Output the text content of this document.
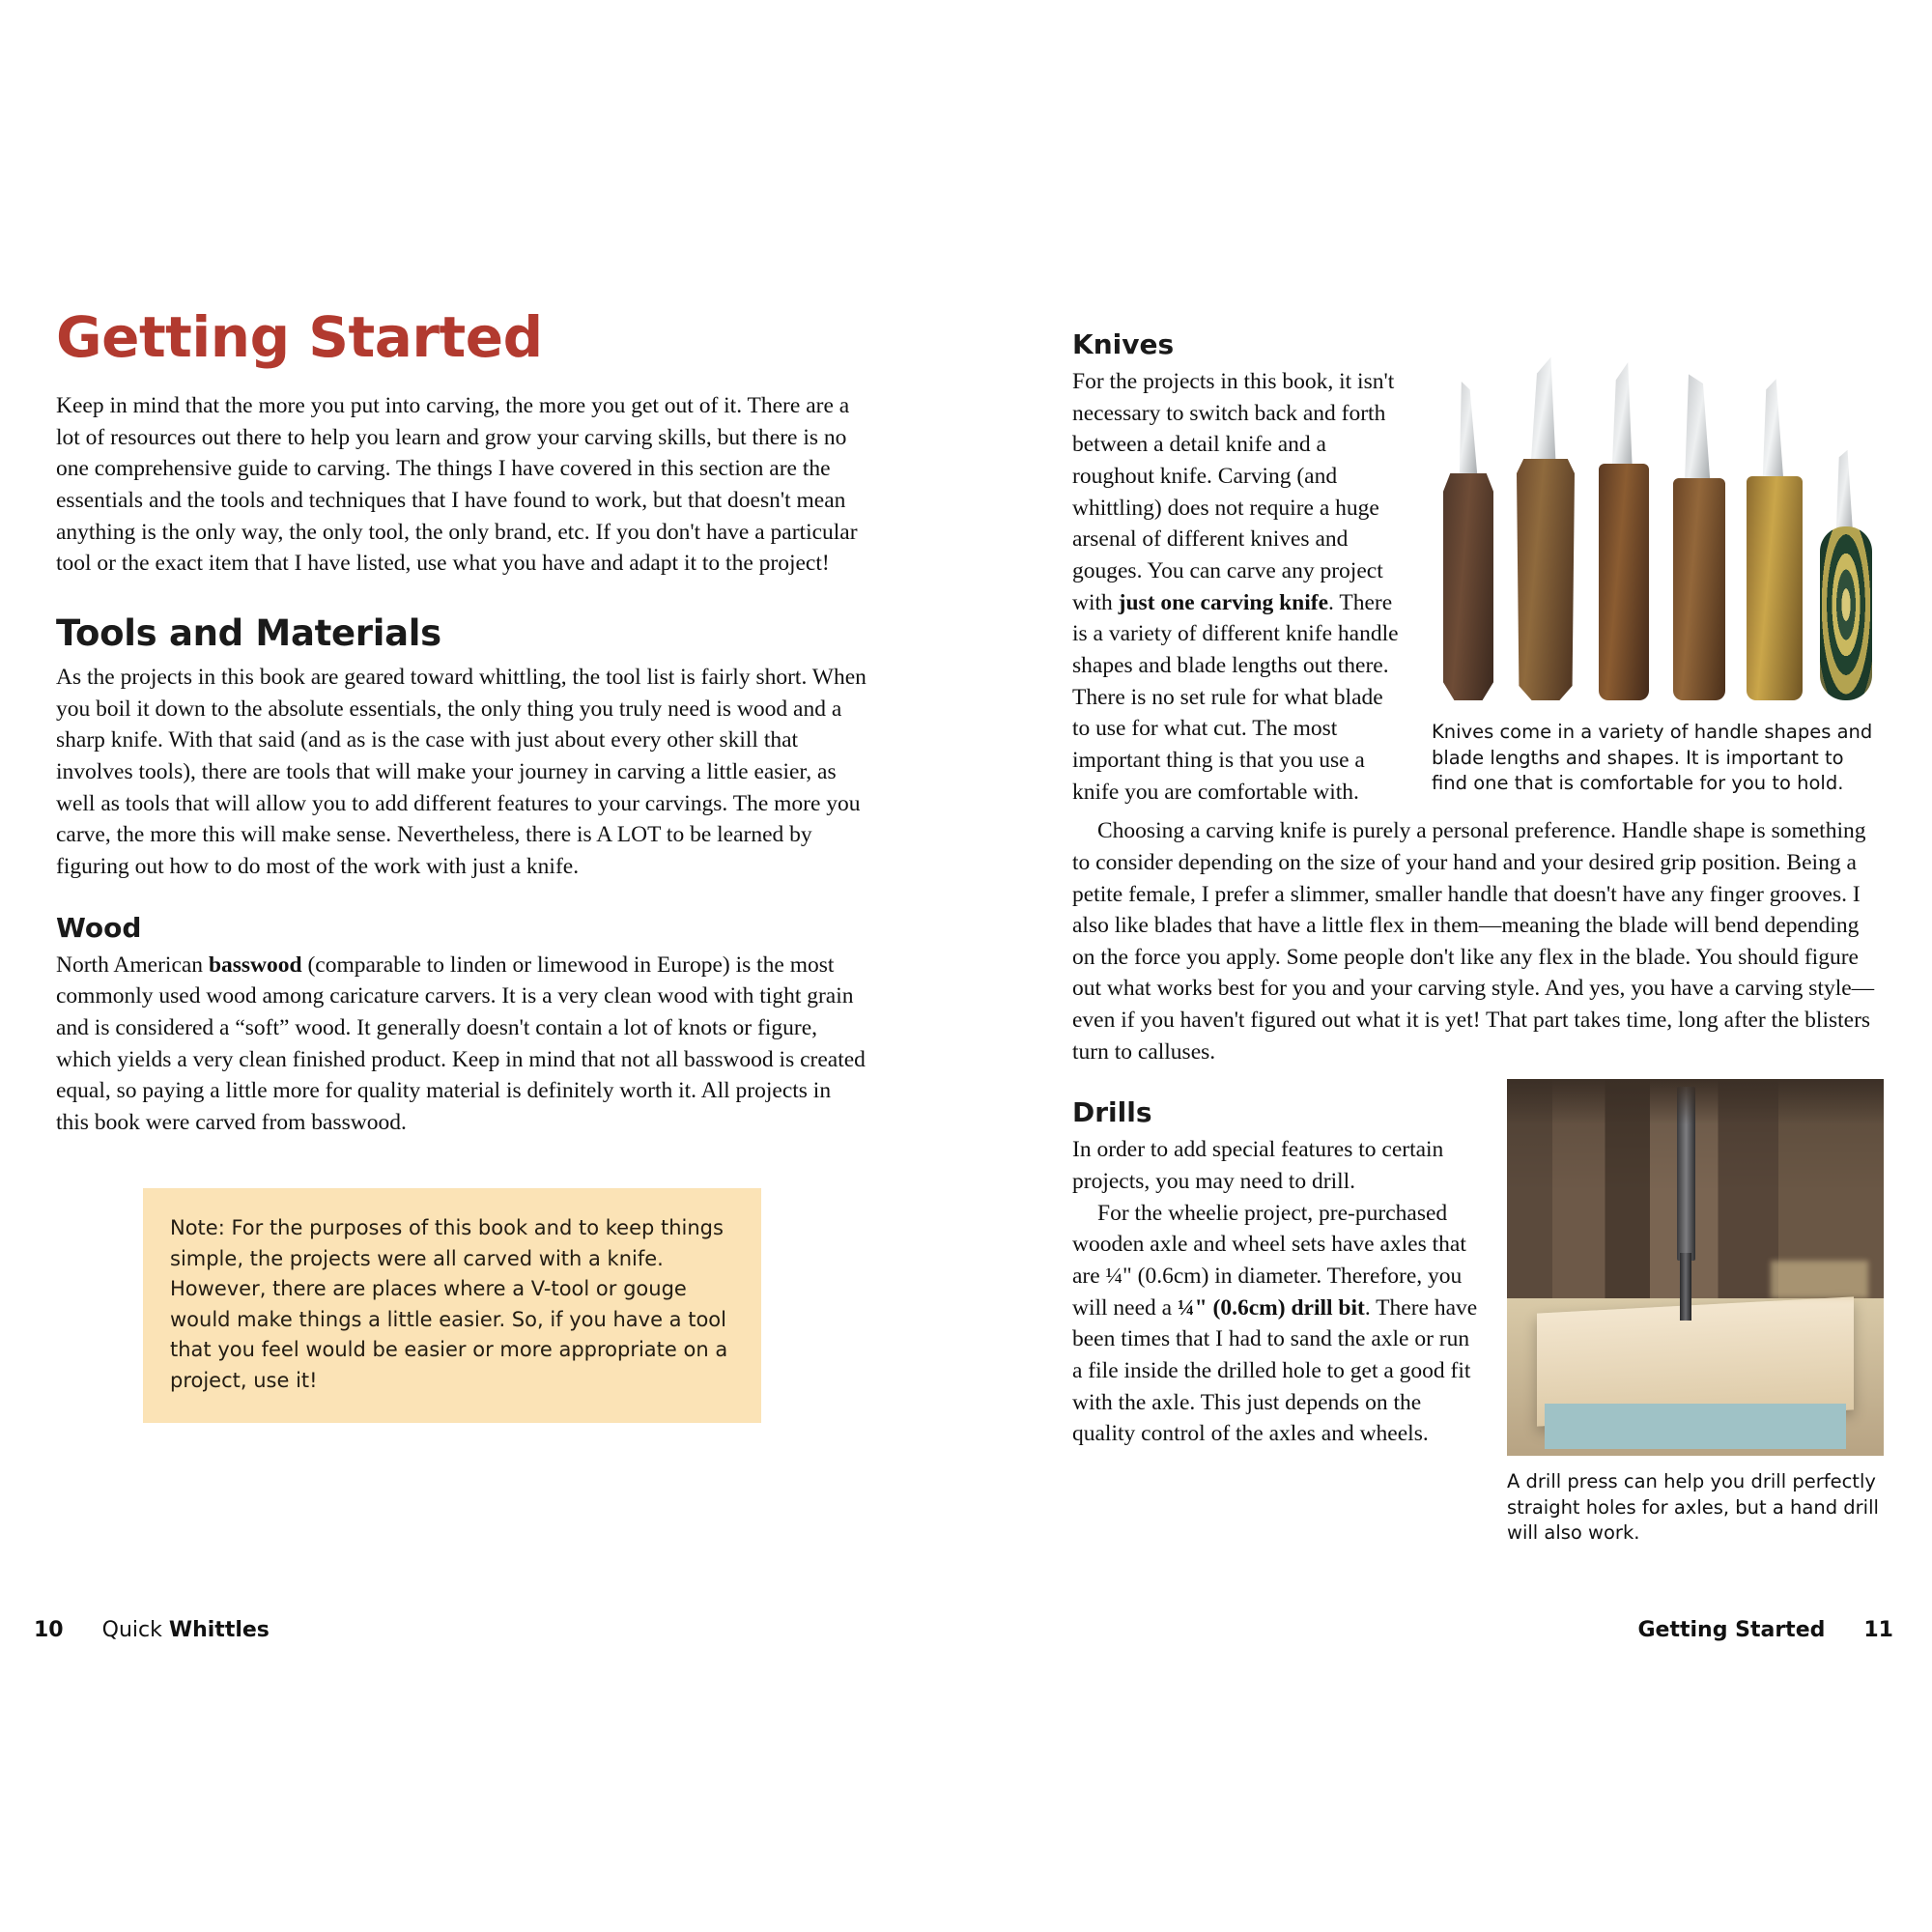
Getting Started

Keep in mind that the more you put into carving, the more you get out of it. There are a lot of resources out there to help you learn and grow your carving skills, but there is no one comprehensive guide to carving. The things I have covered in this section are the essentials and the tools and techniques that I have found to work, but that doesn't mean anything is the only way, the only tool, the only brand, etc. If you don't have a particular tool or the exact item that I have listed, use what you have and adapt it to the project!

Tools and Materials

As the projects in this book are geared toward whittling, the tool list is fairly short. When you boil it down to the absolute essentials, the only thing you truly need is wood and a sharp knife. With that said (and as is the case with just about every other skill that involves tools), there are tools that will make your journey in carving a little easier, as well as tools that will allow you to add different features to your carvings. The more you carve, the more this will make sense. Nevertheless, there is A LOT to be learned by figuring out how to do most of the work with just a knife.

Wood

North American basswood (comparable to linden or limewood in Europe) is the most commonly used wood among caricature carvers. It is a very clean wood with tight grain and is considered a “soft” wood. It generally doesn't contain a lot of knots or figure, which yields a very clean finished product. Keep in mind that not all basswood is created equal, so paying a little more for quality material is definitely worth it. All projects in this book were carved from basswood.

Note: For the purposes of this book and to keep things simple, the projects were all carved with a knife. However, there are places where a V-tool or gouge would make things a little easier. So, if you have a tool that you feel would be easier or more appropriate on a project, use it!

Knives

For the projects in this book, it isn't necessary to switch back and forth between a detail knife and a roughout knife. Carving (and whittling) does not require a huge arsenal of different knives and gouges. You can carve any project with just one carving knife. There is a variety of different knife handle shapes and blade lengths out there. There is no set rule for what blade to use for what cut. The most important thing is that you use a knife you are comfortable with.

Knives come in a variety of handle shapes and blade lengths and shapes. It is important to find one that is comfortable for you to hold.

Choosing a carving knife is purely a personal preference. Handle shape is something to consider depending on the size of your hand and your desired grip position. Being a petite female, I prefer a slimmer, smaller handle that doesn't have any finger grooves. I also like blades that have a little flex in them—meaning the blade will bend depending on the force you apply. Some people don't like any flex in the blade. You should figure out what works best for you and your carving style. And yes, you have a carving style—even if you haven't figured out what it is yet! That part takes time, long after the blisters turn to calluses.

A drill press can help you drill perfectly straight holes for axles, but a hand drill will also work.

Drills

In order to add special features to certain projects, you may need to drill.

For the wheelie project, pre-purchased wooden axle and wheel sets have axles that are ¼" (0.6cm) in diameter. Therefore, you will need a ¼" (0.6cm) drill bit. There have been times that I had to sand the axle or run a file inside the drilled hole to get a good fit with the axle. This just depends on the quality control of the axles and wheels.

10 Quick Whittles	Getting Started 11
